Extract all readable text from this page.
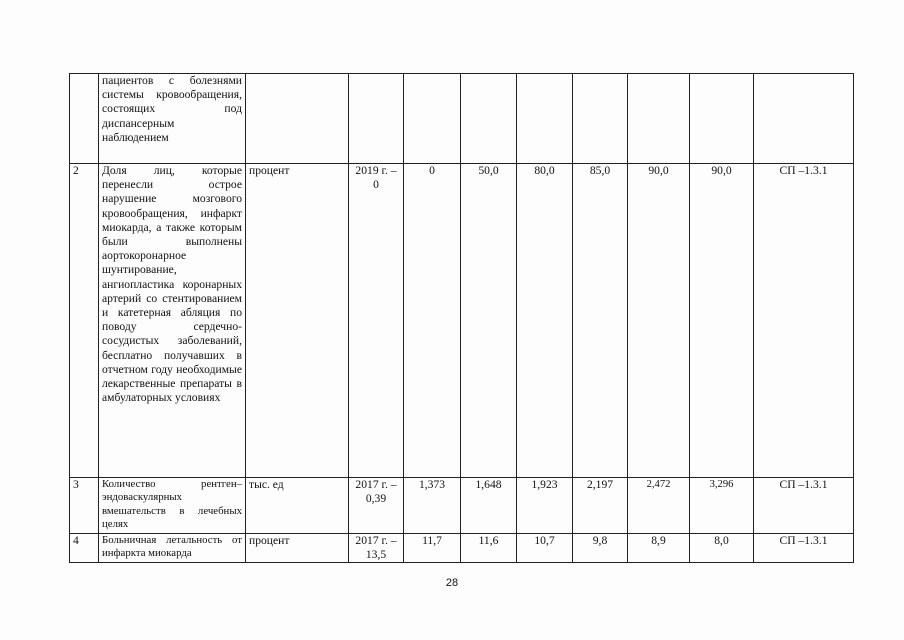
	пациентов с болезнями системы кровообращения, состоящих под диспансерным наблюдением									
2	Доля лиц, которые перенесли острое нарушение мозгового кровообращения, инфаркт миокарда, а также которым были выполнены аортокоронарное шунтирование, ангиопластика коронарных артерий со стентированием и катетерная абляция по поводу сердечно-сосудистых заболеваний, бесплатно получавших в отчетном году необходимые лекарственные препараты в амбулаторных условиях	процент	2019 г. – 0	0	50,0	80,0	85,0	90,0	90,0	СП –1.3.1
3	Количество рентген–эндоваскулярных вмешательств в лечебных целях	тыс. ед	2017 г. – 0,39	1,373	1,648	1,923	2,197	2,472	3,296	СП –1.3.1
4	Больничная летальность от инфаркта миокарда	процент	2017 г. – 13,5	11,7	11,6	10,7	9,8	8,9	8,0	СП –1.3.1
28
